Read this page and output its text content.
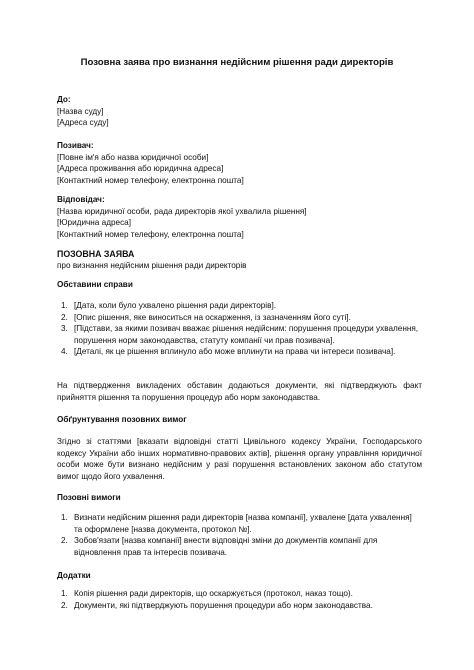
Позовна заява про визнання недійсним рішення ради директорів
До:
[Назва суду]
[Адреса суду]
Позивач:
[Повне ім'я або назва юридичної особи]
[Адреса проживання або юридична адреса]
[Контактний номер телефону, електронна пошта]
Відповідач:
[Назва юридичної особи, рада директорів якої ухвалила рішення]
[Юридична адреса]
[Контактний номер телефону, електронна пошта]
ПОЗОВНА ЗАЯВА
про визнання недійсним рішення ради директорів
Обставини справи
1. [Дата, коли було ухвалено рішення ради директорів].
2. [Опис рішення, яке виноситься на оскарження, із зазначенням його суті].
3. [Підстави, за якими позивач вважає рішення недійсним: порушення процедури ухвалення, порушення норм законодавства, статуту компанії чи прав позивача].
4. [Деталі, як це рішення вплинуло або може вплинути на права чи інтереси позивача].
На підтвердження викладених обставин додаються документи, які підтверджують факт прийняття рішення та порушення процедур або норм законодавства.
Обґрунтування позовних вимог
Згідно зі статтями [вказати відповідні статті Цивільного кодексу України, Господарського кодексу України або інших нормативно-правових актів], рішення органу управління юридичної особи може бути визнано недійсним у разі порушення встановлених законом або статутом вимог щодо його ухвалення.
Позовні вимоги
1. Визнати недійсним рішення ради директорів [назва компанії], ухвалене [дата ухвалення] та оформлене [назва документа, протокол №].
2. Зобов'язати [назва компанії] внести відповідні зміни до документів компанії для відновлення прав та інтересів позивача.
Додатки
1. Копія рішення ради директорів, що оскаржується (протокол, наказ тощо).
2. Документи, які підтверджують порушення процедури або норм законодавства.
